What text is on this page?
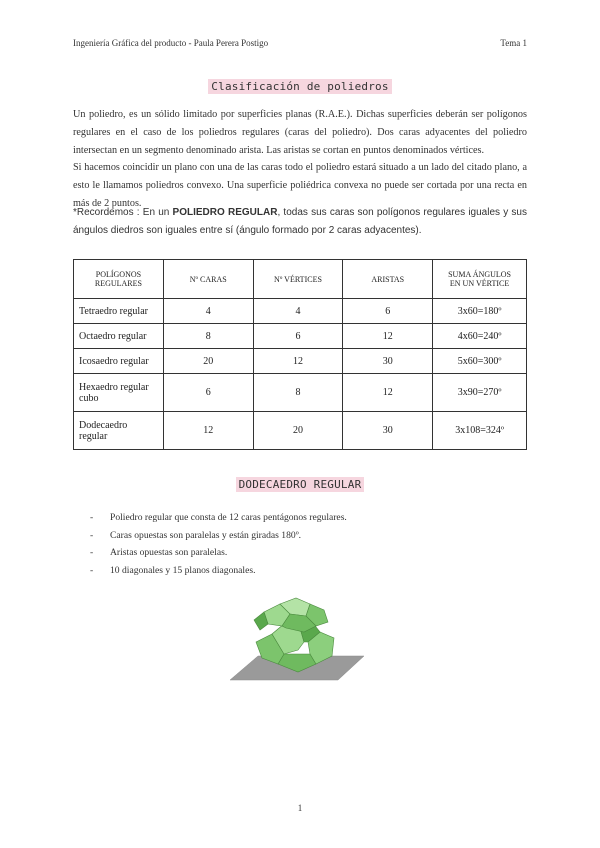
Ingeniería Gráfica del producto - Paula Perera Postigo	Tema 1
Clasificación de poliedros
Un poliedro, es un sólido limitado por superficies planas (R.A.E.). Dichas superficies deberán ser polígonos regulares en el caso de los poliedros regulares (caras del poliedro). Dos caras adyacentes del poliedro intersectan en un segmento denominado arista. Las aristas se cortan en puntos denominados vértices.
Si hacemos coincidir un plano con una de las caras todo el poliedro estará situado a un lado del citado plano, a esto le llamamos poliedros convexo. Una superficie poliédrica convexa no puede ser cortada por una recta en más de 2 puntos.
*Recordemos : En un POLIEDRO REGULAR, todas sus caras son polígonos regulares iguales y sus ángulos diedros son iguales entre sí (ángulo formado por 2 caras adyacentes).
POLÍGONOS
REGULARES	Nº CARAS	Nº VÉRTICES	ARISTAS	SUMA ÁNGULOS
EN UN VÉRTICE
Tetraedro regular	4	4	6	3x60=180º
Octaedro regular	8	6	12	4x60=240º
Icosaedro regular	20	12	30	5x60=300º
Hexaedro regular
cubo	6	8	12	3x90=270º
Dodecaedro
regular	12	20	30	3x108=324º
DODECAEDRO REGULAR
- Poliedro regular que consta de 12 caras pentágonos regulares.
- Caras opuestas son paralelas y están giradas 180º.
- Aristas opuestas son paralelas.
- 10 diagonales y 15 planos diagonales.
1
